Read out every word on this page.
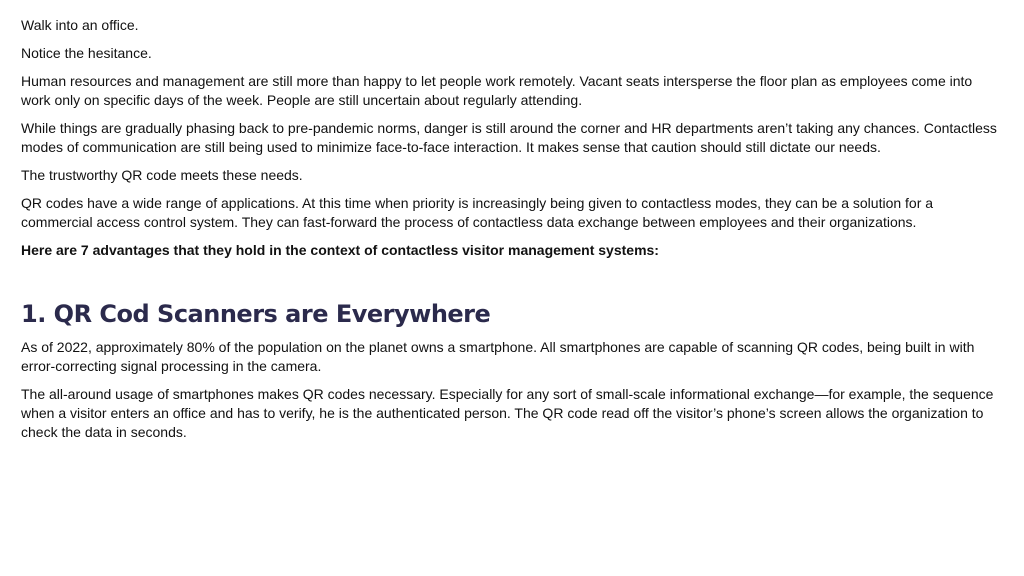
Walk into an office.

Notice the hesitance.

Human resources and management are still more than happy to let people work remotely. Vacant seats intersperse the floor plan as employees come into work only on specific days of the week. People are still uncertain about regularly attending.

While things are gradually phasing back to pre-pandemic norms, danger is still around the corner and HR departments aren’t taking any chances. Contactless modes of communication are still being used to minimize face-to-face interaction. It makes sense that caution should still dictate our needs.

The trustworthy QR code meets these needs.

QR codes have a wide range of applications. At this time when priority is increasingly being given to contactless modes, they can be a solution for a commercial access control system. They can fast-forward the process of contactless data exchange between employees and their organizations.

Here are 7 advantages that they hold in the context of contactless visitor management systems:

1. QR Cod Scanners are Everywhere

As of 2022, approximately 80% of the population on the planet owns a smartphone. All smartphones are capable of scanning QR codes, being built in with error-correcting signal processing in the camera.

The all-around usage of smartphones makes QR codes necessary. Especially for any sort of small-scale informational exchange—for example, the sequence when a visitor enters an office and has to verify, he is the authenticated person. The QR code read off the visitor’s phone’s screen allows the organization to check the data in seconds.
